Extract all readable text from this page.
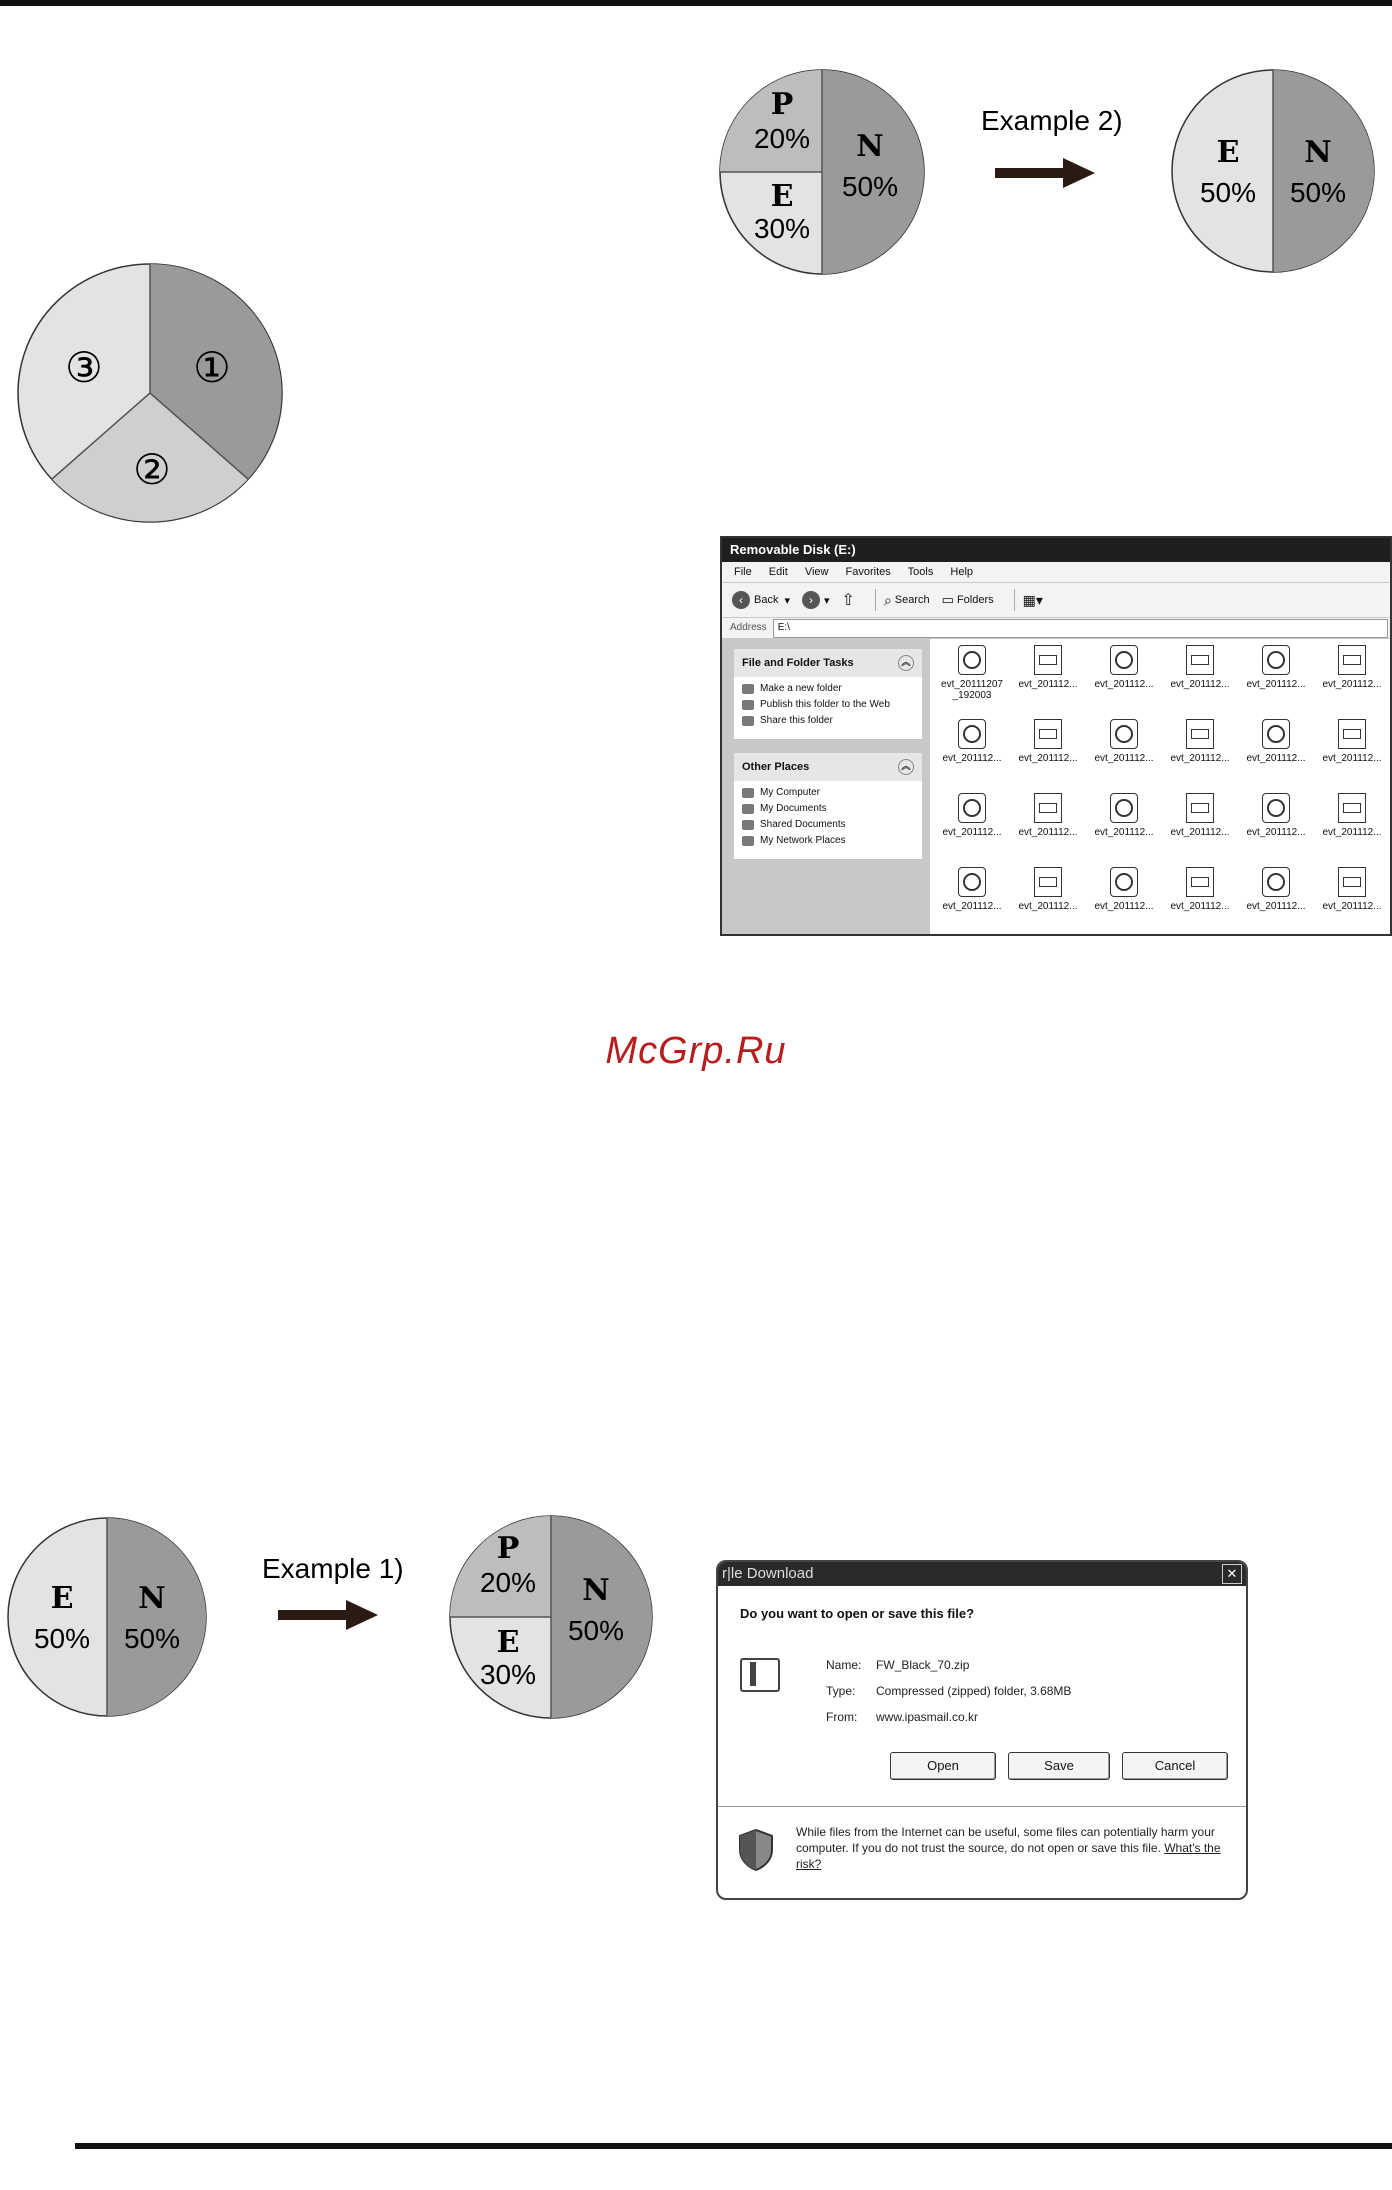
P
20%
E
30%
N
50%
Example 2)
E
50%
N
50%
①
②
③
Removable Disk (E:)
File Edit View Favorites Tools Help
‹	Back ▾	›	▾ ⇧ ⌕ Search ▭ Folders ▦▾
Address	E:\
File and Folder Tasks	︽
Make a new folder
Publish this folder to the Web
Share this folder
Other Places	︽
My Computer
My Documents
Shared Documents
My Network Places
evt_20111207
_192003
evt_201112... evt_201112... evt_201112... evt_201112... evt_201112...
evt_201112... evt_201112... evt_201112... evt_201112... evt_201112... evt_201112...
evt_201112... evt_201112... evt_201112... evt_201112... evt_201112... evt_201112...
evt_201112... evt_201112... evt_201112... evt_201112... evt_201112... evt_201112...
McGrp.Ru
E
50%
N
50%
Example 1)
P
20%
E
30%
N
50%
r|le Download	✕
Do you want to open or save this file?
Name:	FW_Black_70.zip
Type:	Compressed (zipped) folder, 3.68MB
From:	www.ipasmail.co.kr
Open	Save	Cancel
While files from the Internet can be useful, some files can potentially harm your computer. If you do not trust the source, do not open or save this file. What's the risk?
